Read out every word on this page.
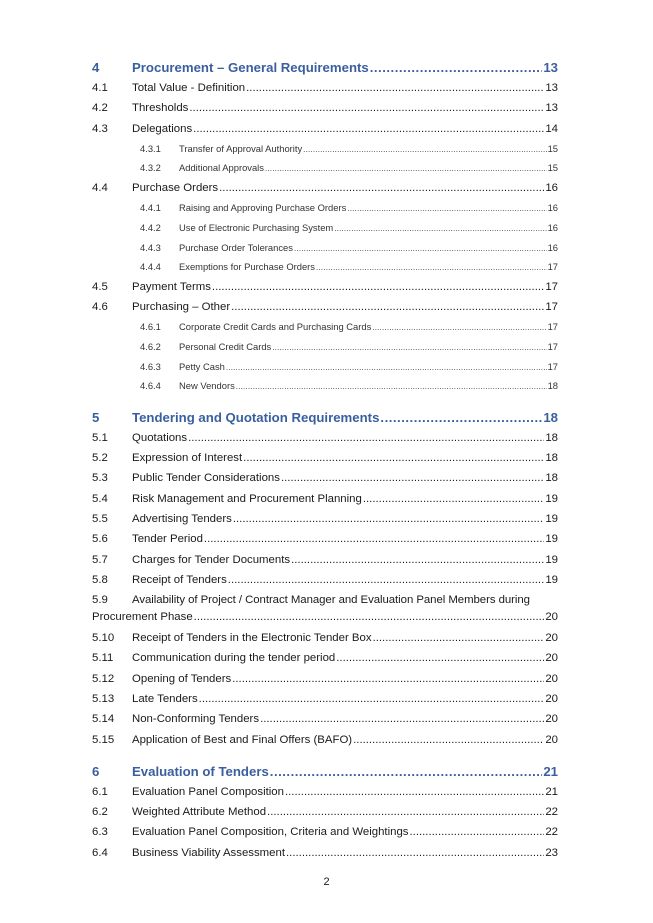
4	Procurement – General Requirements .....	13
4.1	Total Value - Definition .....	13
4.2	Thresholds .....	13
4.3	Delegations .....	14
4.3.1	Transfer of Approval Authority .....	15
4.3.2	Additional Approvals .....	15
4.4	Purchase Orders .....	16
4.4.1	Raising and Approving Purchase Orders .....	16
4.4.2	Use of Electronic Purchasing System .....	16
4.4.3	Purchase Order Tolerances .....	16
4.4.4	Exemptions for Purchase Orders .....	17
4.5	Payment Terms .....	17
4.6	Purchasing – Other .....	17
4.6.1	Corporate Credit Cards and Purchasing Cards .....	17
4.6.2	Personal Credit Cards .....	17
4.6.3	Petty Cash .....	17
4.6.4	New Vendors .....	18
5	Tendering and Quotation Requirements .....	18
5.1	Quotations .....	18
5.2	Expression of Interest .....	18
5.3	Public Tender Considerations .....	18
5.4	Risk Management and Procurement Planning .....	19
5.5	Advertising Tenders .....	19
5.6	Tender Period .....	19
5.7	Charges for Tender Documents .....	19
5.8	Receipt of Tenders .....	19
5.9	Availability of Project / Contract Manager and Evaluation Panel Members during
Procurement Phase .....	20
5.10	Receipt of Tenders in the Electronic Tender Box .....	20
5.11	Communication during the tender period .....	20
5.12	Opening of Tenders .....	20
5.13	Late Tenders .....	20
5.14	Non-Conforming Tenders .....	20
5.15	Application of Best and Final Offers (BAFO) .....	20
6	Evaluation of Tenders .....	21
6.1	Evaluation Panel Composition .....	21
6.2	Weighted Attribute Method .....	22
6.3	Evaluation Panel Composition, Criteria and Weightings .....	22
6.4	Business Viability Assessment .....	23
2
